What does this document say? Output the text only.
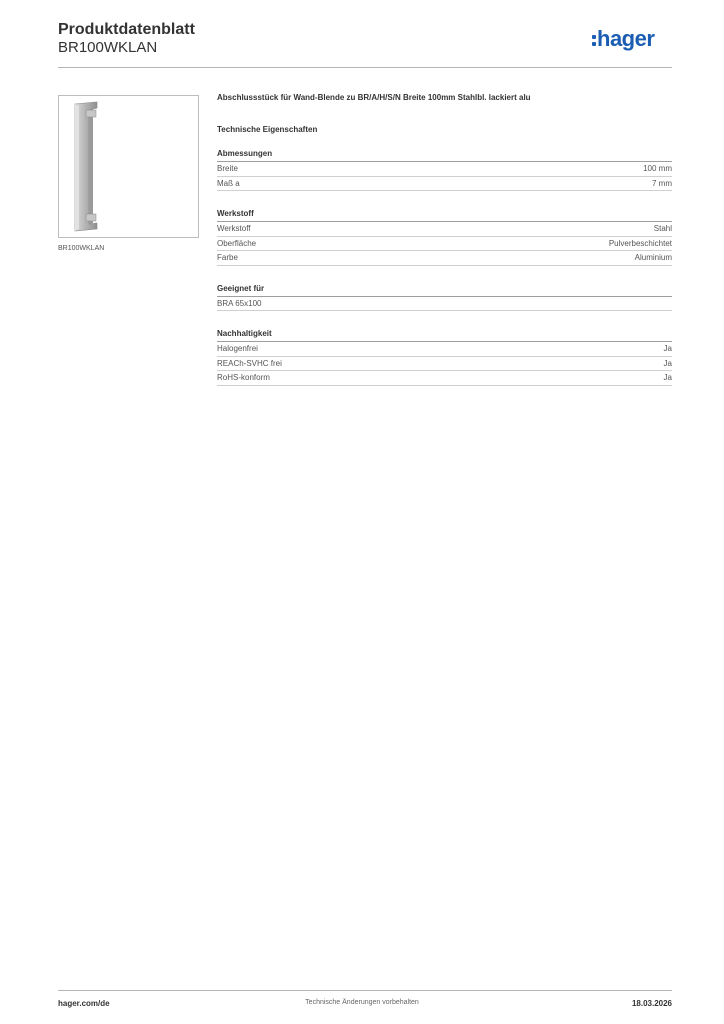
Produktdatenblatt
BR100WKLAN	hager
BR100WKLAN
Abschlussstück für Wand-Blende zu BR/A/H/S/N Breite 100mm Stahlbl. lackiert alu
Technische Eigenschaften
Abmessungen
Breite	100 mm
Maß a	7 mm
Werkstoff
Werkstoff	Stahl
Oberfläche	Pulverbeschichtet
Farbe	Aluminium
Geeignet für
BRA 65x100
Nachhaltigkeit
Halogenfrei	Ja
REACh-SVHC frei	Ja
RoHS-konform	Ja
hager.com/de	Technische Änderungen vorbehalten	18.03.2026
